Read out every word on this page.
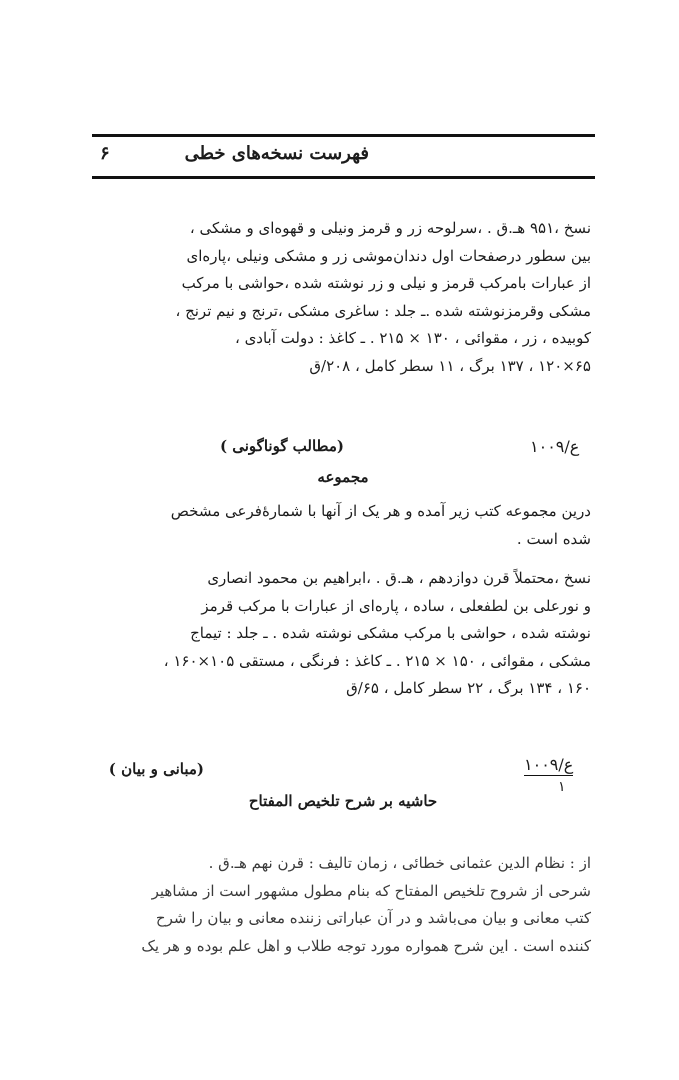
فهرست نسخه‌های خطی
۶

نسخ ،۹۵۱ هـ.ق . ،سرلوحه زر و قرمز ونیلی و قهوه‌ای و مشکی ،

بین سطور درصفحات اول دندان‌موشی زر و مشکی ونیلی ،پاره‌ای

از عبارات بامرکب قرمز و نیلی و زر نوشته شده ،حواشی با مرکب

مشکی وقرمزنوشته شده .ـ جلد : ساغری مشکی ،ترنج و نیم ترنج ،

کوبیده ، زر ، مقوائی ، ۱۳۰ × ۲۱۵ . ـ کاغذ : دولت آبادی ،

۶۵×۱۲۰ ، ۱۳۷ برگ ، ۱۱ سطر کامل ، ۲۰۸/ق

ع/۱۰۰۹
(مطالب گوناگونی )
مجموعه

درین مجموعه کتب زیر آمده و هر یک از آنها با شماره‌ٔفرعی مشخص

شده است .

نسخ ،محتملاً قرن دوازدهم ، هـ.ق . ،ابراهیم بن محمود انصاری

و نورعلی بن لطفعلی ، ساده ، پاره‌ای از عبارات با مرکب قرمز

نوشته شده ، حواشی با مرکب مشکی نوشته شده . ـ جلد : تیماج

مشکی ، مقوائی ، ۱۵۰ × ۲۱۵ . ـ کاغذ : فرنگی ، مستقی ۱۰۵×۱۶۰ ،

۱۶۰ ، ۱۳۴ برگ ، ۲۲ سطر کامل ، ۶۵/ق

ع/۱۰۰۹
۱
(مبانی و بیان )
حاشیه بر شرح تلخیص المفتاح

از : نظام الدین عثمانی خطائی ، زمان تالیف : قرن نهم هـ.ق .

شرحی از شروح تلخیص المفتاح که بنام مطول مشهور است از مشاهیر

کتب معانی و بیان می‌باشد و در آن عباراتی زننده معانی و بیان را شرح

کننده است . این شرح همواره مورد توجه طلاب و اهل علم بوده و هر یک
